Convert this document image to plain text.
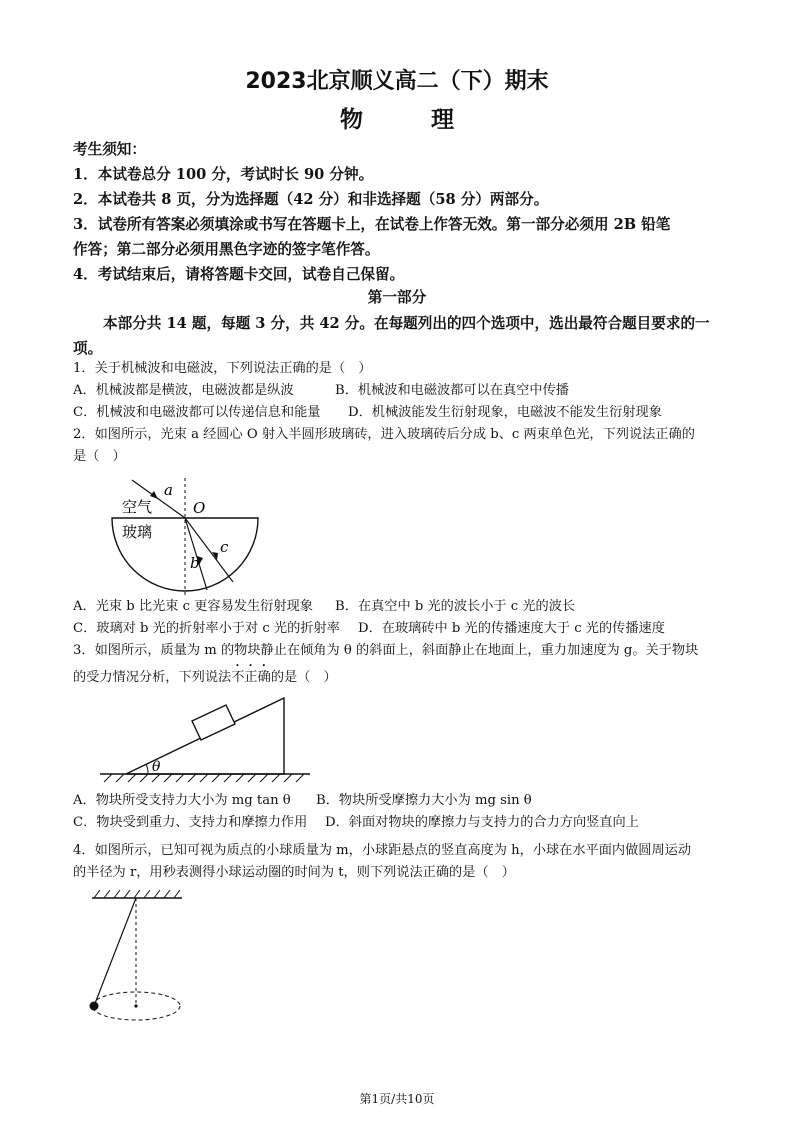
2023北京顺义高二（下）期末
物	理
考生须知：
1．本试卷总分 100 分，考试时长 90 分钟。
2．本试卷共 8 页，分为选择题（42 分）和非选择题（58 分）两部分。
3．试卷所有答案必须填涂或书写在答题卡上，在试卷上作答无效。第一部分必须用 2B 铅笔
作答；第二部分必须用黑色字迹的签字笔作答。
4．考试结束后，请将答题卡交回，试卷自己保留。
第一部分
本部分共 14 题，每题 3 分，共 42 分。在每题列出的四个选项中，选出最符合题目要求的一项。
1．关于机械波和电磁波，下列说法正确的是（　）
A．机械波都是横波，电磁波都是纵波	B．机械波和电磁波都可以在真空中传播
C．机械波和电磁波都可以传递信息和能量 D．机械波能发生衍射现象，电磁波不能发生衍射现象
2．如图所示，光束 a 经圆心 O 射入半圆形玻璃砖，进入玻璃砖后分成 b、c 两束单色光，下列说法正确的
是（　）
a
O
空气
玻璃
b
c
A．光束 b 比光束 c 更容易发生衍射现象 B．在真空中 b 光的波长小于 c 光的波长
C．玻璃对 b 光的折射率小于对 c 光的折射率 D．在玻璃砖中 b 光的传播速度大于 c 光的传播速度
3．如图所示，质量为 m 的物块静止在倾角为 θ 的斜面上，斜面静止在地面上，重力加速度为 g。关于物块
的受力情况分析，下列说法不正确的是（　）
θ
A．物块所受支持力大小为 mg tan θ B．物块所受摩擦力大小为 mg sin θ
C．物块受到重力、支持力和摩擦力作用 D．斜面对物块的摩擦力与支持力的合力方向竖直向上
4．如图所示，已知可视为质点的小球质量为 m，小球距悬点的竖直高度为 h，小球在水平面内做圆周运动
的半径为 r，用秒表测得小球运动圈的时间为 t，则下列说法正确的是（　）
第1页/共10页
